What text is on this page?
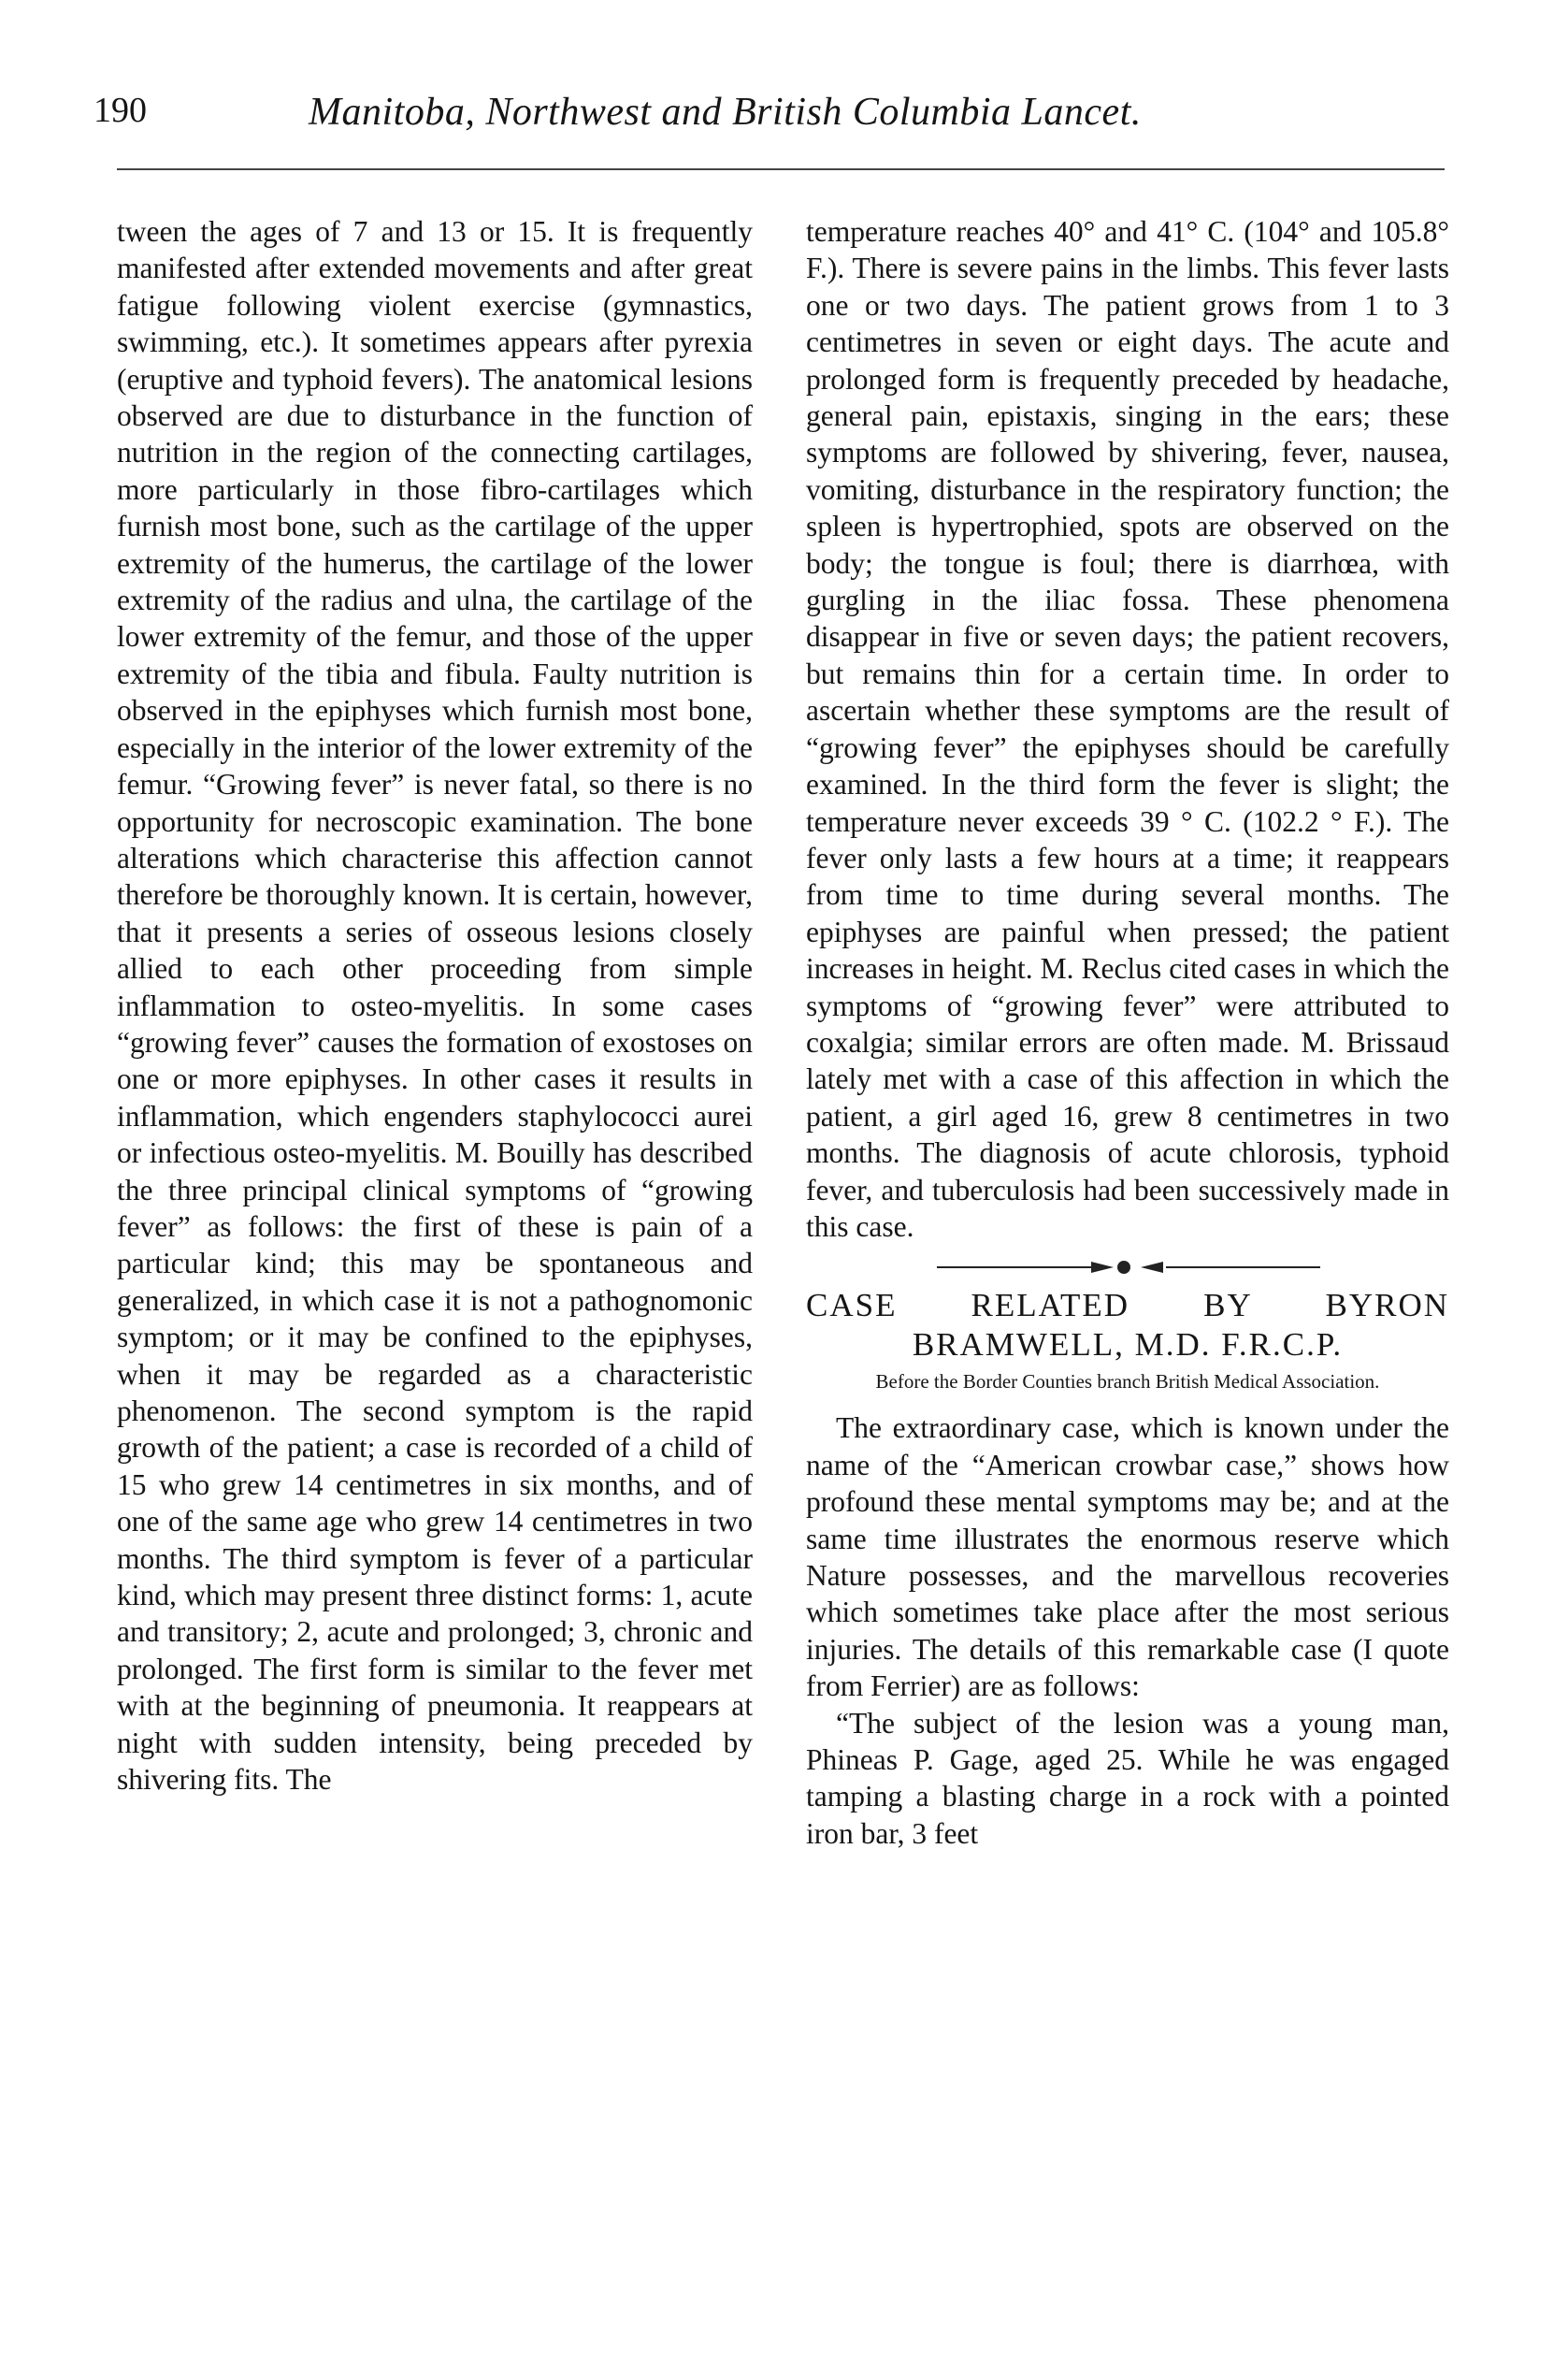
190	Manitoba, Northwest and British Columbia Lancet.

tween the ages of 7 and 13 or 15. It is frequently manifested after extended movements and after great fatigue following violent exercise (gymnastics, swimming, etc.). It sometimes appears after pyrexia (eruptive and typhoid fevers). The anatomical lesions observed are due to disturbance in the function of nutrition in the region of the connecting cartilages, more particularly in those fibro-cartilages which furnish most bone, such as the cartilage of the upper extremity of the humerus, the cartilage of the lower extremity of the radius and ulna, the cartilage of the lower extremity of the femur, and those of the upper extremity of the tibia and fibula. Faulty nutrition is observed in the epiphyses which furnish most bone, especially in the interior of the lower extremity of the femur. “Growing fever” is never fatal, so there is no opportunity for necroscopic examination. The bone alterations which characterise this affection cannot therefore be thoroughly known. It is certain, however, that it presents a series of osseous lesions closely allied to each other proceeding from simple inflammation to osteo-myelitis. In some cases “growing fever” causes the formation of exostoses on one or more epiphyses. In other cases it results in inflammation, which engenders staphylococci aurei or infectious osteo-myelitis. M. Bouilly has described the three principal clinical symptoms of “growing fever” as follows: the first of these is pain of a particular kind; this may be spontaneous and generalized, in which case it is not a pathognomonic symptom; or it may be confined to the epiphyses, when it may be regarded as a characteristic phenomenon. The second symptom is the rapid growth of the patient; a case is recorded of a child of 15 who grew 14 centimetres in six months, and of one of the same age who grew 14 centimetres in two months. The third symptom is fever of a particular kind, which may present three distinct forms: 1, acute and transitory; 2, acute and prolonged; 3, chronic and prolonged. The first form is similar to the fever met with at the beginning of pneumonia. It reappears at night with sudden intensity, being preceded by shivering fits. The

temperature reaches 40° and 41° C. (104° and 105.8° F.). There is severe pains in the limbs. This fever lasts one or two days. The patient grows from 1 to 3 centimetres in seven or eight days. The acute and prolonged form is frequently preceded by headache, general pain, epistaxis, singing in the ears; these symptoms are followed by shivering, fever, nausea, vomiting, disturbance in the respiratory function; the spleen is hypertrophied, spots are observed on the body; the tongue is foul; there is diarrhœa, with gurgling in the iliac fossa. These phenomena disappear in five or seven days; the patient recovers, but remains thin for a certain time. In order to ascertain whether these symptoms are the result of “growing fever” the epiphyses should be carefully examined. In the third form the fever is slight; the temperature never exceeds 39 ° C. (102.2 ° F.). The fever only lasts a few hours at a time; it reappears from time to time during several months. The epiphyses are painful when pressed; the patient increases in height. M. Reclus cited cases in which the symptoms of “growing fever” were attributed to coxalgia; similar errors are often made. M. Brissaud lately met with a case of this affection in which the patient, a girl aged 16, grew 8 centimetres in two months. The diagnosis of acute chlorosis, typhoid fever, and tuberculosis had been successively made in this case.

CASE RELATED BY BYRON
BRAMWELL, M.D. F.R.C.P.
Before the Border Counties branch British Medical Association.

The extraordinary case, which is known under the name of the “American crowbar case,” shows how profound these mental symptoms may be; and at the same time illustrates the enormous reserve which Nature possesses, and the marvellous recoveries which sometimes take place after the most serious injuries. The details of this remarkable case (I quote from Ferrier) are as follows:

“The subject of the lesion was a young man, Phineas P. Gage, aged 25. While he was engaged tamping a blasting charge in a rock with a pointed iron bar, 3 feet
